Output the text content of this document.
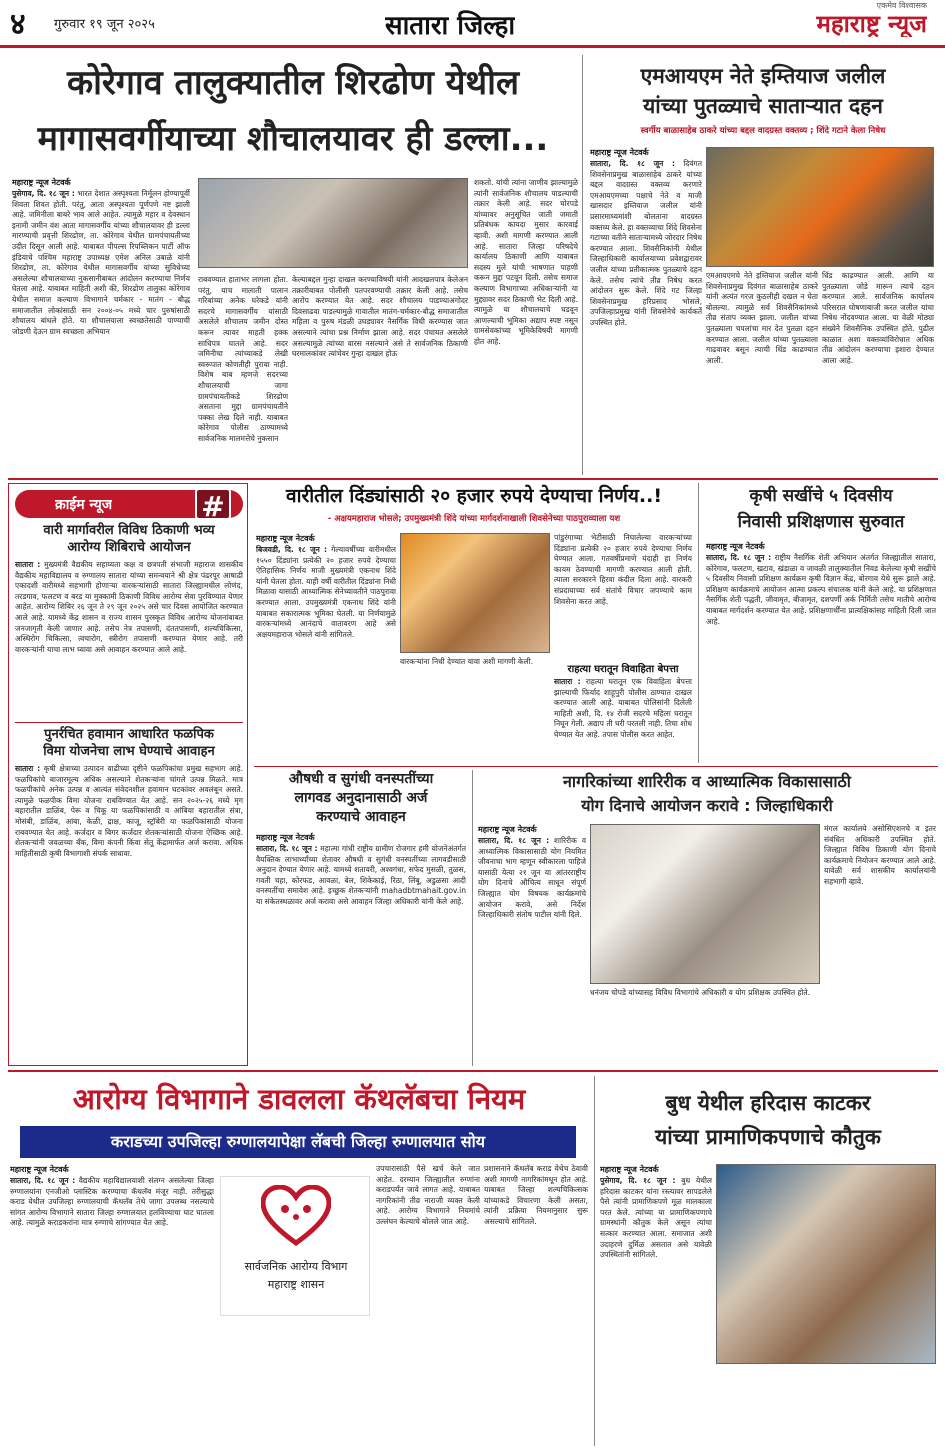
४ गुरुवार १९ जून २०२५	सातारा जिल्हा
एकमेव विश्वासक
महाराष्ट्र न्यूज
कोरेगाव तालुक्यातील शिरढोण येथील
मागासवर्गीयाच्या शौचालयावर ही डल्ला...
महाराष्ट्र न्यूज नेटवर्क
पुसेगाव, दि. १८ जून : भारत देशात अस्पृश्यता निर्मूलन होण्यापूर्वी शिवता शिवत होती. परंतु, आता अस्पृश्यता पूर्णपणे नष्ट झाली आहे. जमिनीला बाबरे भाव आले आहेत. त्यामुळे महार व देवस्थान इनामी जमीन वंश आता मागासवर्गीय यांच्या शौचालयावर ही डल्ला मारण्याची प्रवृत्ती शिरढोण, ता. कोरेगाव येथील ग्रामपंचायतीच्या उदीत दिसून आली आहे. याबाबत पीपल्स रिपब्लिकन पार्टी ऑफ इंडियाचे पश्चिम महाराष्ट्र उपाध्यक्ष एमेश अनिल उबाळे यांनी शिरढोण, ता. कोरेगाव येथील मागासवर्गीय यांच्या सुविधेच्या असलेल्या शौचालयाच्या नुकसानीबाबत आंदोलन करण्याचा निर्णय घेतला आहे. याबाबत माहिती अशी की, शिरढोण तालुका कोरेगाव येथील समाज कल्याण विभागाने चर्मकार - मातंग - बौद्ध समाजातील लोकांसाठी सन २००४-०५ मध्ये चार पुरुषांसाठी शौचालय बांधले होते. या शौचालयाला स्वच्छतेसाठी पाण्याची जोडणी देऊन ग्राम स्वच्छता अभियान
राबवण्यात हाताभर लागला होता. परंतु, याच मालाती पालान गरिबांच्या अनेक घरेकडे यांनी सदरचे मागासवर्गीय यांसाठी असलेले शौचालय जमीन दोस्त करून त्यावर माहती हक्क साधिपत्र घातले आहे. सदर जमिनीचा त्यांच्याकडे लेखी स्वरूपात कोणतीही पुरावा नाही. विशेष बाब म्हणजे सदरच्या शौचालयाची जागा ग्रामपंचायतीकडे शिरढोण असताना मुद्दा ग्रामपंचायतीने पक्का लेख दिले नाही. याबाबत कोरेगाव पोलीस ठाण्यामध्ये सार्वजनिक मालमत्तेचे नुकसान
केल्याबद्दल गुन्हा दाखल करण्याविषयी यांनी आदखलपात्र केलेअन तक्रारीबाबत पोलीसी पतपरवण्याची तक्रार केली आहे. तसेच आरोप करण्यात येत आहे. सदर शौचालय पाडण्याअगोदर दिवसाढवा पाडल्यामुळे गावातील मातंग-चर्मकार-बौद्ध समाजातील महिला व पुरुष मंडळी उघड्यावर नैसर्गिक विधी करण्यास जात असल्याने त्यांचा प्रश्न निर्माण झाला आहे. सदर पंचायत असलेले असल्यामुळे त्यांच्या वारस नसल्याने असे ते सार्वजनिक ठिकाणी घरमालकांवर त्यांचेवर गुन्हा दाखल होऊ
शकतो. यांची त्यांना जाणीव झाल्यामुळे त्यांनी सार्वजनिक शौचालय पाडल्याची तक्रार केली आहे. सदर घोरपडे यांच्यावर अनुसूचित जाती जमाती प्रतिबंधक कायदा मुसार कारवाई व्हावी. अशी मागणी करण्यात आली आहे. सातारा जिल्हा परिषदेचे कार्यालय ठिकाणी आणि याबाबत सदस्य मुले यांची भाषणात पाहणी करून मुद्दा पटवून दिली. तसेच समाज कल्याण विभागाच्या अधिकाऱ्यांनी या मुद्द्यावर सदर ठिकाणी भेट दिली आहे. त्यामुळे या शौचालयाचे घडवून आणल्याची भूमिका अद्याप स्पष्ट नसून ग्रामसेवकांच्या भूमिकेविषयी मागणी होत आहे.
एमआयएम नेते इम्तियाज जलील
यांच्या पुतळ्याचे साताऱ्यात दहन
स्वर्गीय बाळासाहेब ठाकरे यांच्या बद्दल वादग्रस्त वक्तव्य ; शिंदे गटाने केला निषेध
महाराष्ट्र न्यूज नेटवर्क
सातारा, दि. १८ जून : दिवंगत शिवसेनाप्रमुख बाळासाहेब ठाकरे यांच्या बद्दल वादग्रस्त वक्तव्य करणारे एमआयएमच्या पक्षाचे नेते व माजी खासदार इम्तियाज जलील यांनी प्रसारमाध्यमांशी बोलताना वादग्रस्त वक्तव्य केले. हा वक्तव्याचा शिंदे शिवसेना गटाच्या वतीने साताऱ्यामध्ये जोरदार निषेध करण्यात आला. शिवसैनिकांनी येथील जिल्हाधिकारी कार्यालयाच्या प्रवेशद्वारावर जलील यांच्या प्रतीकात्मक पुतळ्याचे दहन केले. तसेच त्यांचे तीव्र निषेध करत आंदोलन सुरू केले. शिंदे गट जिल्हा शिवसेनाप्रमुख हरिप्रसाद भोसले, उपजिल्हाप्रमुख यांनी शिवसेनेचे कार्यकर्ते उपस्थित होते.
एमआयएमचे नेते इम्तियाज जलील यांनी शिवसेनाप्रमुख दिवंगत बाळासाहेब ठाकरे यांनी अत्यंत गरज कुठलीही दखल न घेता बोलल्या. त्यामुळे सर्व शिवसैनिकांमध्ये तीव्र संताप व्यक्त झाला. जलील यांच्या पुतळ्याला चपलांचा मार देत पुतळा दहन करण्यात आला. जलील यांच्या पुतळ्याला गाढवावर बसून त्याची धिंड काढण्यात आली.
धिंड काढण्यात आली. आणि या पुतळ्याला जोडे मारून त्याचे दहन करण्यात आले. सार्वजनिक कार्यालय परिसरात घोषणाबाजी करत जलील यांचा निषेध नोंदवण्यात आला. या वेळी मोठ्या संख्येने शिवसैनिक उपस्थित होते. पुढील काळात अशा वक्तव्यांविरोधात अधिक तीव्र आंदोलन करण्याचा इशारा देण्यात आला आहे.
क्राईम न्यूज	#
वारी मार्गावरील विविध ठिकाणी भव्य
आरोग्य शिबिराचे आयोजन
सातारा : मुख्यमंत्री वैद्यकीय सहाय्यता कक्ष व छत्रपती संभाजी महाराज शासकीय वैद्यकीय महाविद्यालय व रुग्णालय सातारा यांच्या समन्वयाने श्री क्षेत्र पंढरपूर आषाढी एकादशी वारीमध्ये सहभागी होणाऱ्या वारकऱ्यांसाठी सातारा जिल्ह्यामधील लोणंद, तरडगाव, फलटण व बरड या मुक्कामी ठिकाणी विविध आरोग्य सेवा पुरविण्यात येणार आहेत. आरोग्य शिबिर २६ जून ते २९ जून २०२५ असे चार दिवस आयोजित करण्यात आले आहे. यामध्ये केंद्र शासन व राज्य शासन पुरस्कृत विविध आरोग्य योजनांबाबत जनजागृती केली जाणार आहे. तसेच नेत्र तपासणी, दंततपासणी, शल्यचिकित्सा, अस्थिरोग चिकित्सा, त्वचारोग, स्त्रीरोग तपासणी करण्यात येणार आहे. तरी वारकऱ्यांनी याचा लाभ घ्यावा असे आवाहन करण्यात आले आहे.
पुनर्रचित हवामान आधारित फळपिक
विमा योजनेचा लाभ घेण्याचे आवाहन
सातारा : कृषी क्षेत्राच्या उत्पादन वाढीच्या दृष्टीने फळपिकांचा प्रमुख सहभाग आहे. फळपिकांचे बाजारमूल्य अधिक असल्याने शेतकऱ्यांना चांगले उत्पन्न मिळते. मात्र फळपीकांचे अनेक उत्पन्न व आत्यंत संवेदनशील हवामान घटकांवर अवलंबून असते. त्यामुळे फळपीक विमा योजना राबविण्यात येत आहे. सन २०२५-२६ मध्ये मृग बहारातील डाळिंब, पेरू व चिकू या फळपिकांसाठी व आंबिया बहारातील संत्रा, मोसंबी, डाळिंब, आंबा, केळी, द्राक्ष, काजू, स्ट्रॉबेरी या फळपिकांसाठी योजना राबवण्यात येत आहे. कर्जदार व बिगर कर्जदार शेतकऱ्यांसाठी योजना ऐच्छिक आहे. शेतकऱ्यांनी जवळच्या बँक, विमा कंपनी किंवा सेतू केंद्रामार्फत अर्ज करावा. अधिक माहितीसाठी कृषी विभागाशी संपर्क साधावा.
वारीतील दिंड्यांसाठी २० हजार रुपये देण्याचा निर्णय..!
- अक्षयमहाराज भोसले; उपमुख्यमंत्री शिंदे यांच्या मार्गदर्शनाखाली शिवसेनेच्या पाठपुराव्याला यश
महाराष्ट्र न्यूज नेटवर्क
बिजवडी, दि. १८ जून : गेल्यावर्षीच्या वारीमधील १५५० दिंड्यांना प्रत्येकी २० हजार रुपये देण्याचा ऐतिहासिक निर्णय माजी मुख्यमंत्री एकनाथ शिंदे यांनी घेतला होता. याही वर्षी वारीतील दिंड्यांना निधी मिळावा यासाठी आध्यात्मिक सेनेच्यावतीने पाठपुरावा करण्यात आला. उपमुख्यमंत्री एकनाथ शिंदे यांनी याबाबत सकारात्मक भूमिका घेतली. या निर्णयामुळे वारकऱ्यांमध्ये आनंदाचे वातावरण आहे असे अक्षयमहाराज भोसले यांनी सांगितले.
वारकऱ्यांना निधी देण्यात यावा अशी मागणी केली.
पांडुरंगाच्या भेटीसाठी निघालेल्या वारकऱ्यांच्या दिंड्यांना प्रत्येकी २० हजार रुपये देण्याचा निर्णय घेण्यात आला. गतवर्षीप्रमाणे यंदाही हा निर्णय कायम ठेवण्याची मागणी करण्यात आली होती. त्याला सरकारने हिरवा कंदील दिला आहे. वारकरी संप्रदायाच्या सर्व संतांचे विचार जपण्याचे काम शिवसेना करत आहे.
राहत्या घरातून विवाहिता बेपत्ता
सातारा : राहत्या घरातून एक विवाहिता बेपत्ता झाल्याची फिर्याद शाहूपुरी पोलीस ठाण्यात दाखल करण्यात आली आहे. याबाबत पोलिसांनी दिलेली माहिती अशी, दि. १४ रोजी सदरचे महिला घरातून निघून गेली. अद्याप ती घरी परतली नाही. तिचा शोध घेण्यात येत आहे. तपास पोलीस करत आहेत.
कृषी सखींचे ५ दिवसीय
निवासी प्रशिक्षणास सुरुवात
महाराष्ट्र न्यूज नेटवर्क
सातारा, दि. १८ जून : राष्ट्रीय नैसर्गिक शेती अभियान अंतर्गत जिल्ह्यातील सातारा, कोरेगाव, फलटण, खटाव, खंडाळा व जावळी तालुक्यातील निवड केलेल्या कृषी सखींचे ५ दिवसीय निवासी प्रशिक्षण कार्यक्रम कृषी विज्ञान केंद्र, बोरगाव येथे सुरू झाले आहे. प्रशिक्षण कार्यक्रमाचे आयोजन आत्मा प्रकल्प संचालक यांनी केले आहे. या प्रशिक्षणात नैसर्गिक शेती पद्धती, जीवामृत, बीजामृत, दशपर्णी अर्क निर्मिती तसेच मातीचे आरोग्य याबाबत मार्गदर्शन करण्यात येत आहे. प्रशिक्षणार्थींना प्रात्यक्षिकांसह माहिती दिली जात आहे.
औषधी व सुगंधी वनस्पतींच्या
लागवड अनुदानासाठी अर्ज
करण्याचे आवाहन
महाराष्ट्र न्यूज नेटवर्क
सातारा, दि. १८ जून : महात्मा गांधी राष्ट्रीय ग्रामीण रोजगार हमी योजनेअंतर्गत वैयक्तिक लाभार्थ्यांच्या शेतावर औषधी व सुगंधी वनस्पतींच्या लागवडीसाठी अनुदान देण्यात येणार आहे. यामध्ये शतावरी, अश्वगंधा, सफेद मुसळी, तुळस, गवती चहा, कोरफड, आवळा, बेल, शिकेकाई, रिठा, लिंबू, अडुळसा आदी वनस्पतींचा समावेश आहे. इच्छुक शेतकऱ्यांनी mahadbtmahait.gov.in या संकेतस्थळावर अर्ज करावा असे आवाहन जिल्हा अधिकारी यांनी केले आहे.
नागरिकांच्या शारिरीक व आध्यात्मिक विकासासाठी
योग दिनाचे आयोजन करावे : जिल्हाधिकारी
महाराष्ट्र न्यूज नेटवर्क
सातारा, दि. १८ जून : शारिरीक व आध्यात्मिक विकासासाठी योग नियमित जीवनाचा भाग म्हणून स्वीकारला पाहिजे यासाठी येत्या २१ जून या आंतरराष्ट्रीय योग दिनाचे औचित्य साधून संपूर्ण जिल्ह्यात योग विषयक कार्यक्रमांचे आयोजन करावे, असे निर्देश जिल्हाधिकारी संतोष पाटील यांनी दिले.
धनंजय चोपडे यांच्यासह विविध विभागांचे अधिकारी व योग प्रशिक्षक उपस्थित होते.
मंगल कार्यालये असोसिएशनचे व इतर संबंधित अधिकारी उपस्थित होते. जिल्ह्यात विविध ठिकाणी योग दिनाचे कार्यक्रमाचे नियोजन करण्यात आले आहे. यावेळी सर्व शासकीय कार्यालयांनी सहभागी व्हावे.
आरोग्य विभागाने डावलला कॅथलॅबचा नियम
कराडच्या उपजिल्हा रुग्णालयापेक्षा लॅबची जिल्हा रुग्णालयात सोय
महाराष्ट्र न्यूज नेटवर्क
सातारा, दि. १८ जून : वैद्यकीय महाविद्यालयाशी संलग्न असलेल्या जिल्हा रुग्णालयांना एनजीओ प्लास्टिक करण्याचा कॅथलॅब मंजूर नाही. तरीसुद्धा कराड येथील उपजिल्हा रुग्णालयाची कॅथलॅब तेथे जागा उपलब्ध नसल्याचे सांगत आरोग्य विभागाने सातारा जिल्हा रुग्णालयात हलविण्याचा घाट घातला आहे. त्यामुळे कराडकरांना मात्र रुग्णाचे सांगण्यात येत आहे.
सार्वजनिक आरोग्य विभाग
महाराष्ट्र शासन
उपचारासाठी पैसे खर्च केले जात आहेत. दरम्यान जिल्ह्यातील रुग्णांना कराडपर्यंत जावे लागत आहे. याबाबत नागरिकांनी तीव्र नाराजी व्यक्त केली आहे. आरोग्य विभागाने नियमांचे उल्लंघन केल्याचे बोलले जात आहे.
प्रशासनाने कॅथलॅब कराड येथेच ठेवावी अशी मागणी नागरिकांमधून होत आहे. याबाबत जिल्हा शल्यचिकित्सक यांच्याकडे विचारणा केली असता, त्यांनी प्रक्रिया नियमानुसार सुरू असल्याचे सांगितले.
बुध येथील हरिदास काटकर
यांच्या प्रामाणिकपणाचे कौतुक
महाराष्ट्र न्यूज नेटवर्क
पुसेगाव, दि. १८ जून : बुध येथील हरिदास काटकर यांना रस्त्यावर सापडलेले पैसे त्यांनी प्रामाणिकपणे मूळ मालकाला परत केले. त्यांच्या या प्रामाणिकपणाचे ग्रामस्थांनी कौतुक केले असून त्यांचा सत्कार करण्यात आला. समाजात अशी उदाहरणे दुर्मिळ असतात असे यावेळी उपस्थितांनी सांगितले.
